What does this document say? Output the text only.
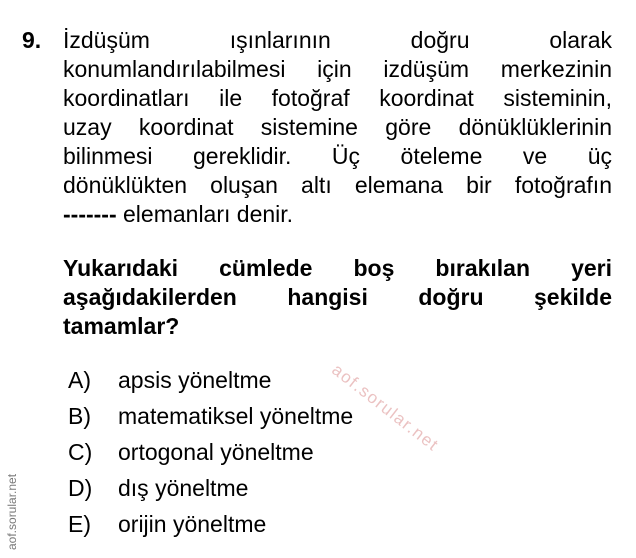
9. İzdüşüm ışınlarının doğru olarak
konumlandırılabilmesi için izdüşüm merkezinin
koordinatları ile fotoğraf koordinat sisteminin,
uzay koordinat sistemine göre dönüklüklerinin
bilinmesi gereklidir. Üç öteleme ve üç
dönüklükten oluşan altı elemana bir fotoğrafın
------- elemanları denir.
Yukarıdaki cümlede boş bırakılan yeri
aşağıdakilerden hangisi doğru şekilde
tamamlar?
A)	apsis yöneltme
B)	matematiksel yöneltme
C)	ortogonal yöneltme
D)	dış yöneltme
E)	orijin yöneltme
aof.sorular.net
aof.sorular.net
